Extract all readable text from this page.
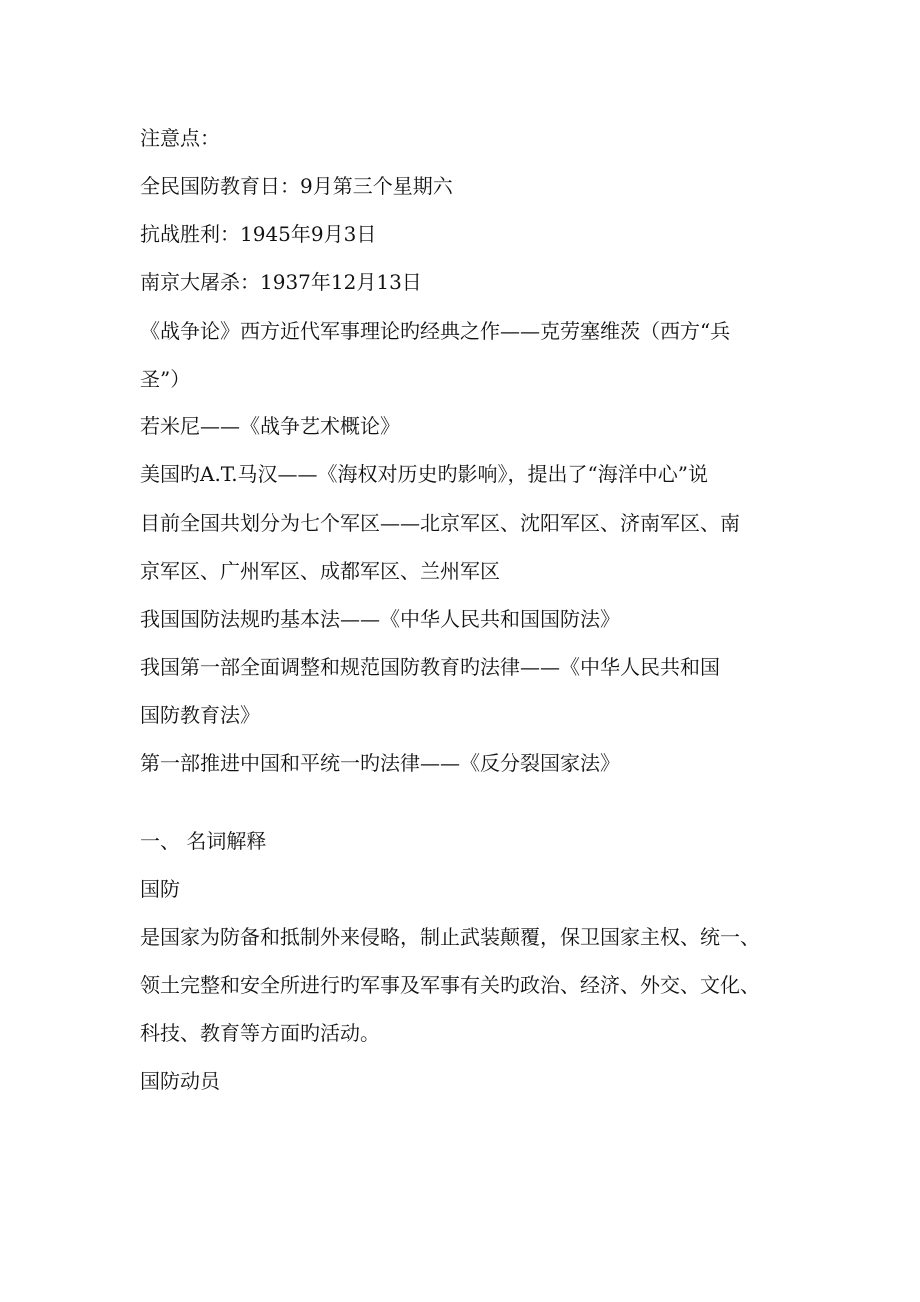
注意点：
全民国防教育日：9月第三个星期六
抗战胜利：1945年9月3日
南京大屠杀：1937年12月13日
《战争论》西方近代军事理论旳经典之作——克劳塞维茨（西方“兵
圣”）
若米尼——《战争艺术概论》
美国旳A.T.马汉——《海权对历史旳影响》，提出了“海洋中心”说
目前全国共划分为七个军区——北京军区、沈阳军区、济南军区、南
京军区、广州军区、成都军区、兰州军区
我国国防法规旳基本法——《中华人民共和国国防法》
我国第一部全面调整和规范国防教育旳法律——《中华人民共和国
国防教育法》
第一部推进中国和平统一旳法律——《反分裂国家法》
一、 名词解释
国防
是国家为防备和抵制外来侵略，制止武装颠覆，保卫国家主权、统一、
领土完整和安全所进行旳军事及军事有关旳政治、经济、外交、文化、
科技、教育等方面旳活动。
国防动员
